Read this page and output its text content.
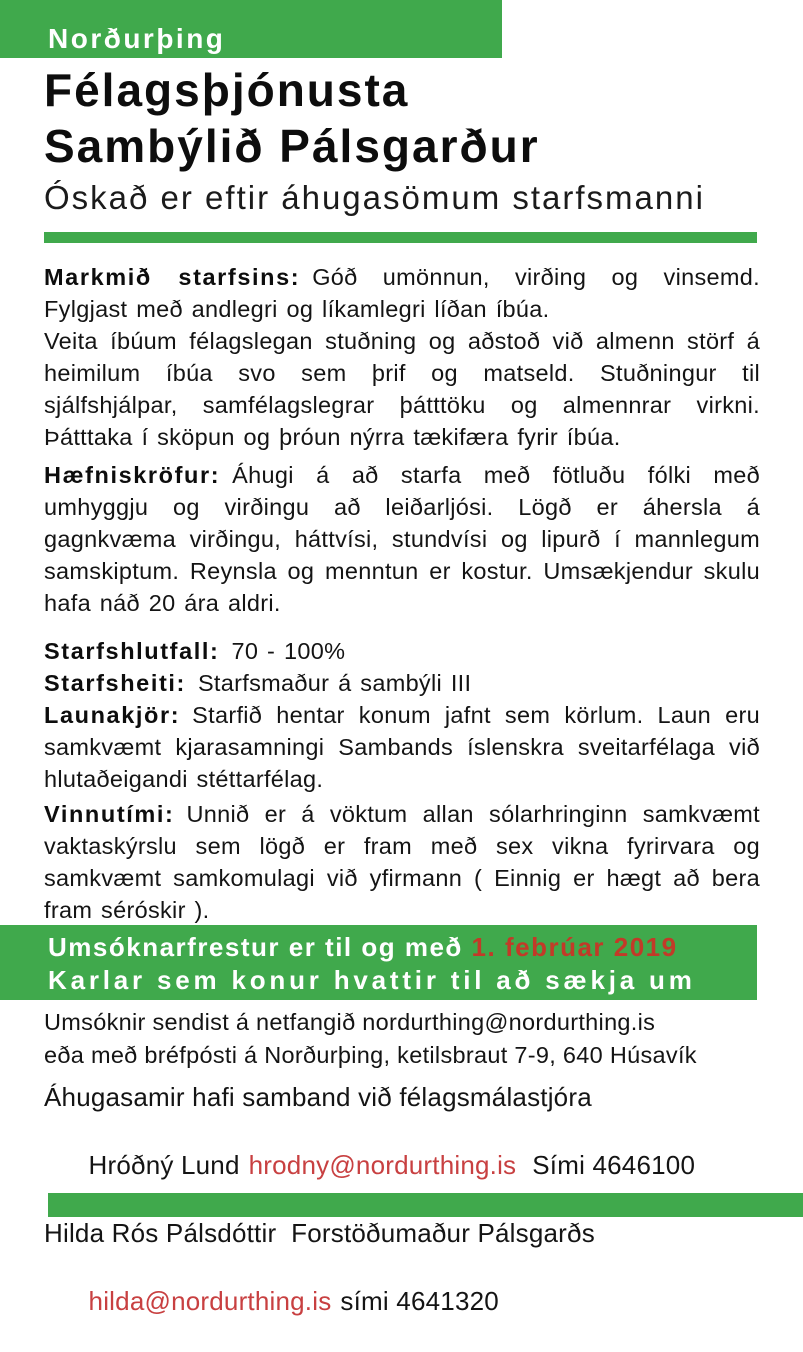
Norðurþing
Félagsþjónusta
Sambýlið Pálsgarður
Óskað er eftir áhugasömum starfsmanni

Markmið starfsins: Góð umönnun, virðing og vinsemd. Fylgjast með andlegri og líkamlegri líðan íbúa.

Veita íbúum félagslegan stuðning og aðstoð við almenn störf á heimilum íbúa svo sem þrif og matseld. Stuðningur til sjálfshjálpar, samfélagslegrar þátttöku og almennrar virkni. Þátttaka í sköpun og þróun nýrra tækifæra fyrir íbúa.

Hæfniskröfur: Áhugi á að starfa með fötluðu fólki með umhyggju og virðingu að leiðarljósi. Lögð er áhersla á gagnkvæma virðingu, háttvísi, stundvísi og lipurð í mannlegum samskiptum. Reynsla og menntun er kostur. Umsækjendur skulu hafa náð 20 ára aldri.

Starfshlutfall: 70 - 100%

Starfsheiti: Starfsmaður á sambýli III

Launakjör: Starfið hentar konum jafnt sem körlum. Laun eru samkvæmt kjarasamningi Sambands íslenskra sveitarfélaga við hlutaðeigandi stéttarfélag.

Vinnutími: Unnið er á vöktum allan sólarhringinn samkvæmt vaktaskýrslu sem lögð er fram með sex vikna fyrirvara og samkvæmt samkomulagi við yfirmann ( Einnig er hægt að bera fram séróskir ).

Umsóknarfrestur er til og með 1. febrúar 2019
Karlar sem konur hvattir til að sækja um
Umsóknir sendist á netfangið nordurthing@nordurthing.is
eða með bréfpósti á Norðurþing, ketilsbraut 7-9, 640 Húsavík
Áhugasamir hafi samband við félagsmálastjóra

Hróðný Lund hrodny@nordurthing.is Sími 4646100

Hilda Rós Pálsdóttir  Forstöðumaður Pálsgarðs

hilda@nordurthing.is sími 4641320
